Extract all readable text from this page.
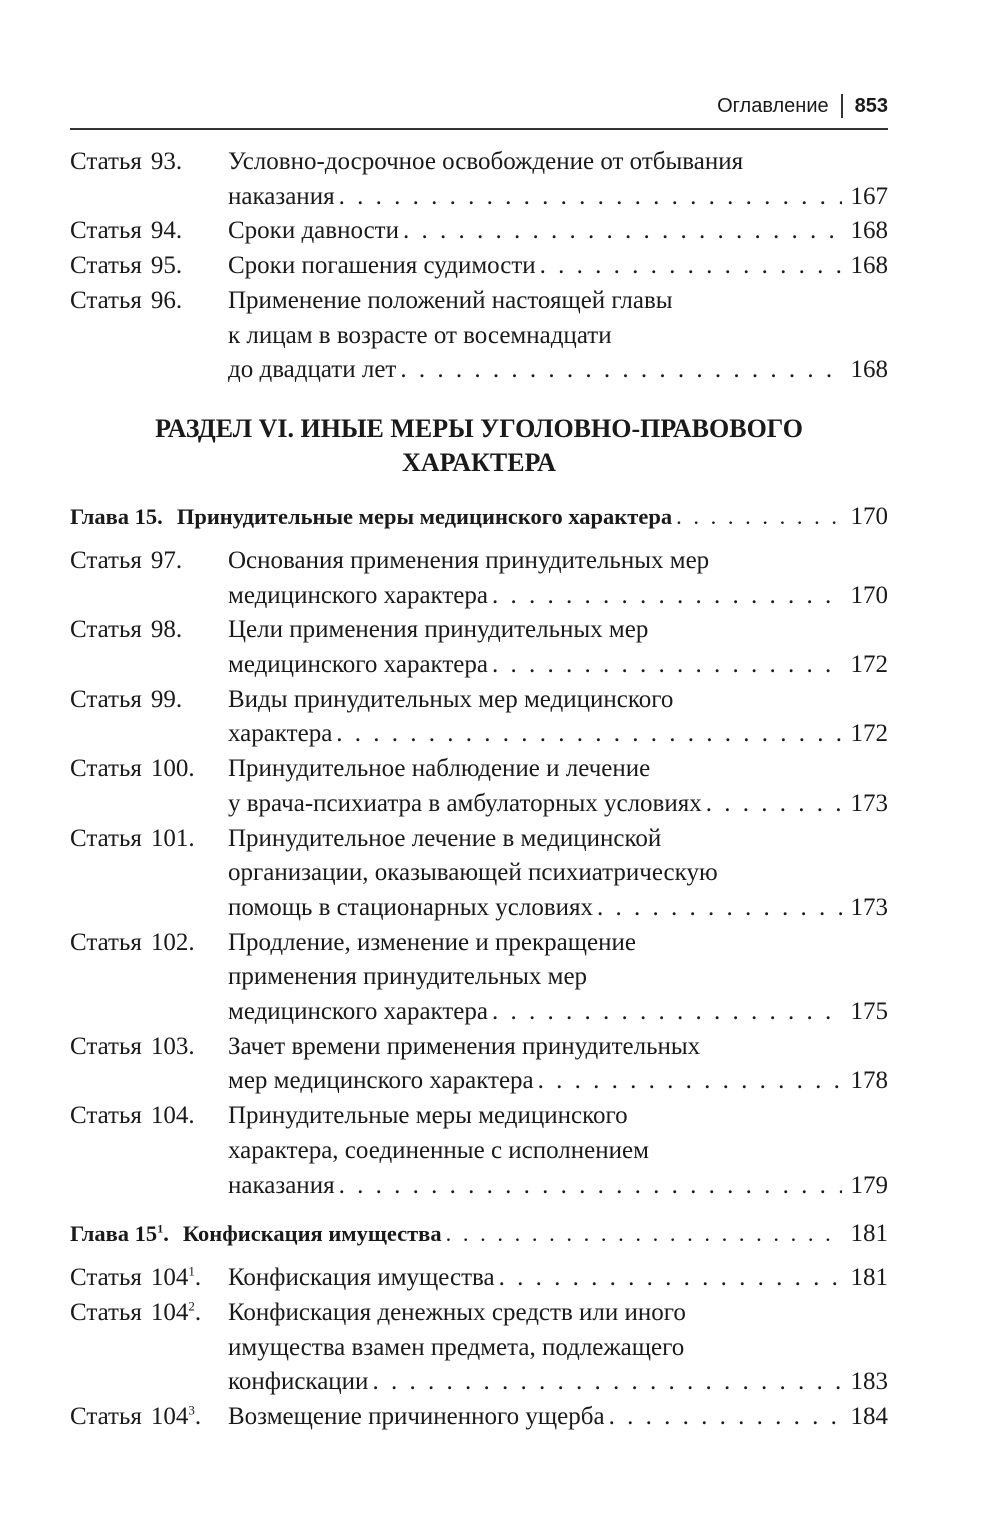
Оглавление 853
Статья 93.	Условно-досрочное освобождение от отбывания
наказания . . .	167
Статья 94.	Сроки давности . . .	168
Статья 95.	Сроки погашения судимости . . .	168
Статья 96.	Применение положений настоящей главы
к лицам в возрасте от восемнадцати
до двадцати лет . . .	168
РАЗДЕЛ VI. ИНЫЕ МЕРЫ УГОЛОВНО-ПРАВОВОГО
ХАРАКТЕРА
Глава 15. Принудительные меры медицинского характера . . .	170
Статья 97.	Основания применения принудительных мер
медицинского характера . . .	170
Статья 98.	Цели применения принудительных мер
медицинского характера . . .	172
Статья 99.	Виды принудительных мер медицинского
характера . . .	172
Статья 100.	Принудительное наблюдение и лечение
у врача-психиатра в амбулаторных условиях . . .	173
Статья 101.	Принудительное лечение в медицинской
организации, оказывающей психиатрическую
помощь в стационарных условиях . . .	173
Статья 102.	Продление, изменение и прекращение
применения принудительных мер
медицинского характера . . .	175
Статья 103.	Зачет времени применения принудительных
мер медицинского характера . . .	178
Статья 104.	Принудительные меры медицинского
характера, соединенные с исполнением
наказания . . .	179
Глава $15^1$. Конфискация имущества . . .	181
Статья $104^1$.	Конфискация имущества . . .	181
Статья $104^2$.	Конфискация денежных средств или иного
имущества взамен предмета, подлежащего
конфискации . . .	183
Статья $104^3$.	Возмещение причиненного ущерба . . .	184
